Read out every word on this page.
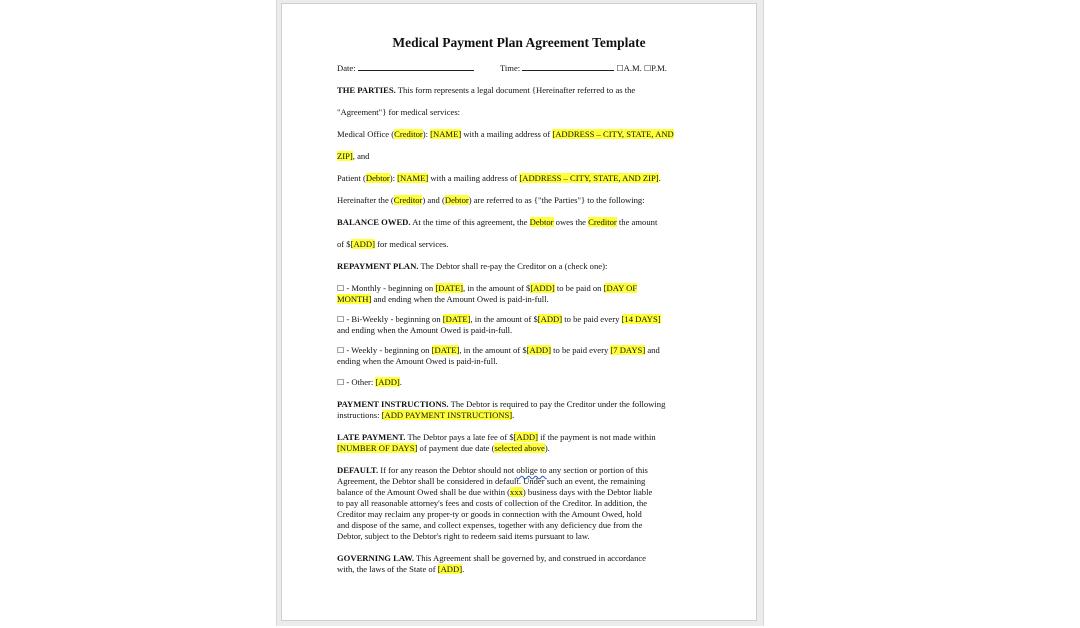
Medical Payment Plan Agreement Template
Date:	Time:	☐A.M. ☐P.M.
THE PARTIES. This form represents a legal document {Hereinafter referred to as the
"Agreement"} for medical services:
Medical Office (Creditor): [NAME] with a mailing address of [ADDRESS – CITY, STATE, AND
ZIP], and
Patient (Debtor): [NAME] with a mailing address of [ADDRESS – CITY, STATE, AND ZIP].
Hereinafter the (Creditor) and (Debtor) are referred to as {"the Parties"} to the following:
BALANCE OWED. At the time of this agreement, the Debtor owes the Creditor the amount
of $[ADD] for medical services.
REPAYMENT PLAN. The Debtor shall re-pay the Creditor on a (check one):
☐ - Monthly - beginning on [DATE], in the amount of $[ADD] to be paid on [DAY OF
MONTH] and ending when the Amount Owed is paid-in-full.
☐ - Bi-Weekly - beginning on [DATE], in the amount of $[ADD] to be paid every [14 DAYS]
and ending when the Amount Owed is paid-in-full.
☐ - Weekly - beginning on [DATE], in the amount of $[ADD] to be paid every [7 DAYS] and
ending when the Amount Owed is paid-in-full.
☐ - Other: [ADD].
PAYMENT INSTRUCTIONS. The Debtor is required to pay the Creditor under the following
instructions: [ADD PAYMENT INSTRUCTIONS].
LATE PAYMENT. The Debtor pays a late fee of $[ADD] if the payment is not made within
[NUMBER OF DAYS] of payment due date (selected above).
DEFAULT. If for any reason the Debtor should not oblige to any section or portion of this
Agreement, the Debtor shall be considered in default. Under such an event, the remaining
balance of the Amount Owed shall be due within (xxx) business days with the Debtor liable
to pay all reasonable attorney's fees and costs of collection of the Creditor. In addition, the
Creditor may reclaim any proper-ty or goods in connection with the Amount Owed, hold
and dispose of the same, and collect expenses, together with any deficiency due from the
Debtor, subject to the Debtor's right to redeem said items pursuant to law.
GOVERNING LAW. This Agreement shall be governed by, and construed in accordance
with, the laws of the State of [ADD].
